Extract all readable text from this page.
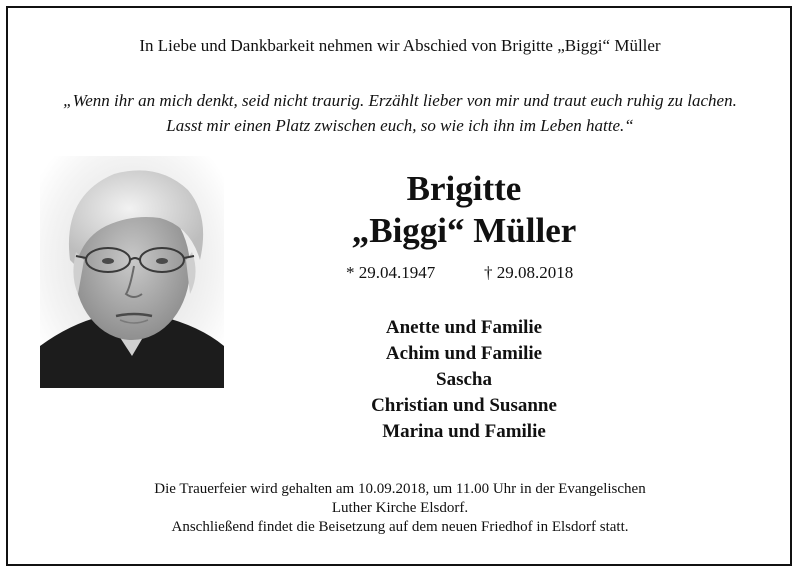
In Liebe und Dankbarkeit nehmen wir Abschied von Brigitte „Biggi“ Müller
„Wenn ihr an mich denkt, seid nicht traurig. Erzählt lieber von mir und traut euch ruhig zu lachen.
Lasst mir einen Platz zwischen euch, so wie ich ihn im Leben hatte.“
Brigitte
„Biggi“ Müller
* 29.04.1947	† 29.08.2018
Anette und Familie
Achim und Familie
Sascha
Christian und Susanne
Marina und Familie
Die Trauerfeier wird gehalten am 10.09.2018, um 11.00 Uhr in der Evangelischen
Luther Kirche Elsdorf.
Anschließend findet die Beisetzung auf dem neuen Friedhof in Elsdorf statt.
